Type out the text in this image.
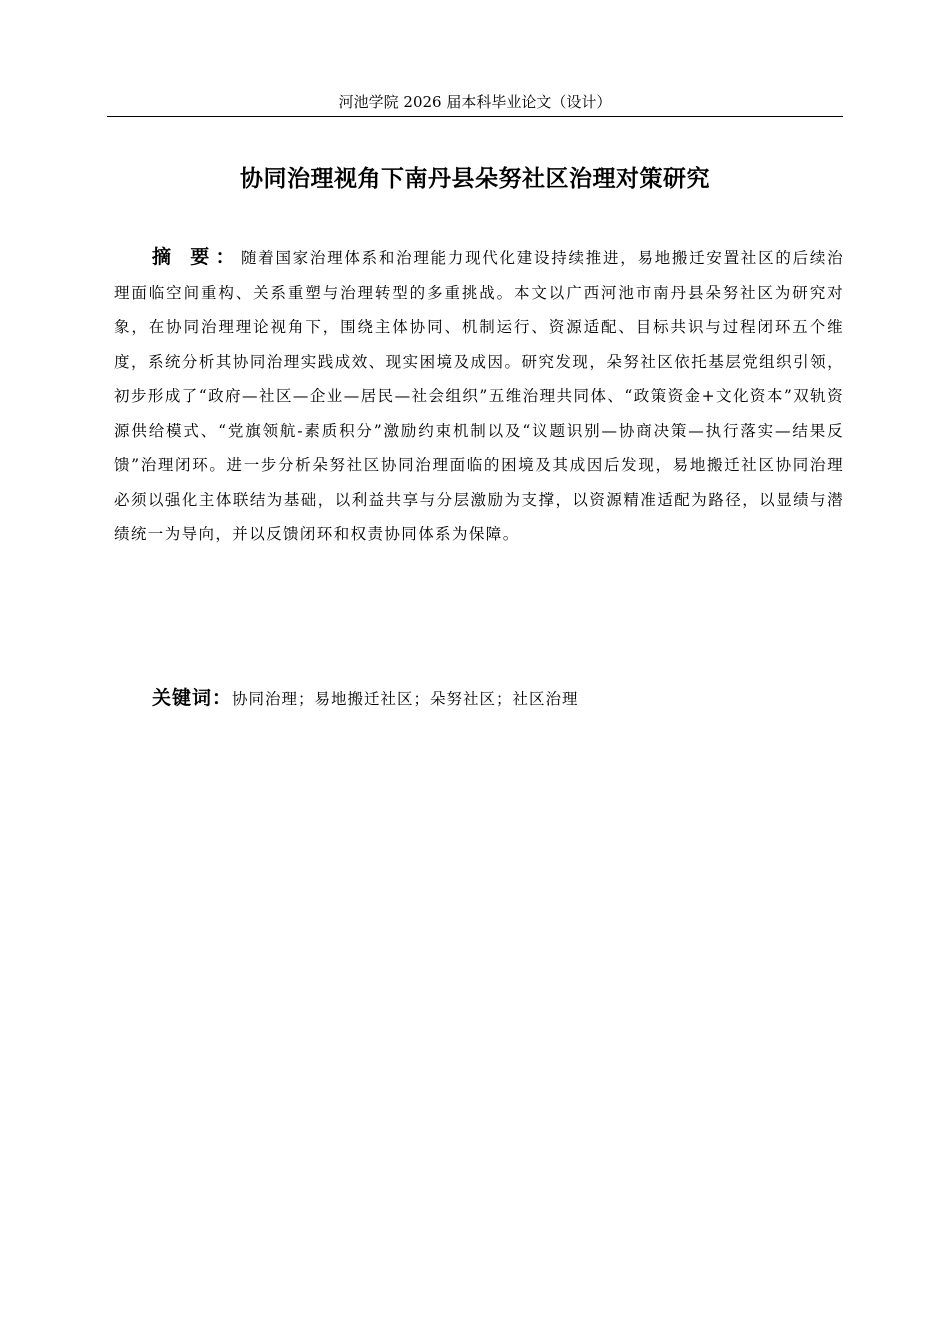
河池学院 2026 届本科毕业论文（设计）
协同治理视角下南丹县朵努社区治理对策研究
摘 要：随着国家治理体系和治理能力现代化建设持续推进，易地搬迁安置社区的后续治理面临空间重构、关系重塑与治理转型的多重挑战。本文以广西河池市南丹县朵努社区为研究对象，在协同治理理论视角下，围绕主体协同、机制运行、资源适配、目标共识与过程闭环五个维度，系统分析其协同治理实践成效、现实困境及成因。研究发现，朵努社区依托基层党组织引领，初步形成了“政府—社区—企业—居民—社会组织”五维治理共同体、“政策资金+文化资本”双轨资源供给模式、“党旗领航-素质积分”激励约束机制以及“议题识别—协商决策—执行落实—结果反馈”治理闭环。进一步分析朵努社区协同治理面临的困境及其成因后发现，易地搬迁社区协同治理必须以强化主体联结为基础，以利益共享与分层激励为支撑，以资源精准适配为路径，以显绩与潜绩统一为导向，并以反馈闭环和权责协同体系为保障。
关键词：协同治理；易地搬迁社区；朵努社区；社区治理
